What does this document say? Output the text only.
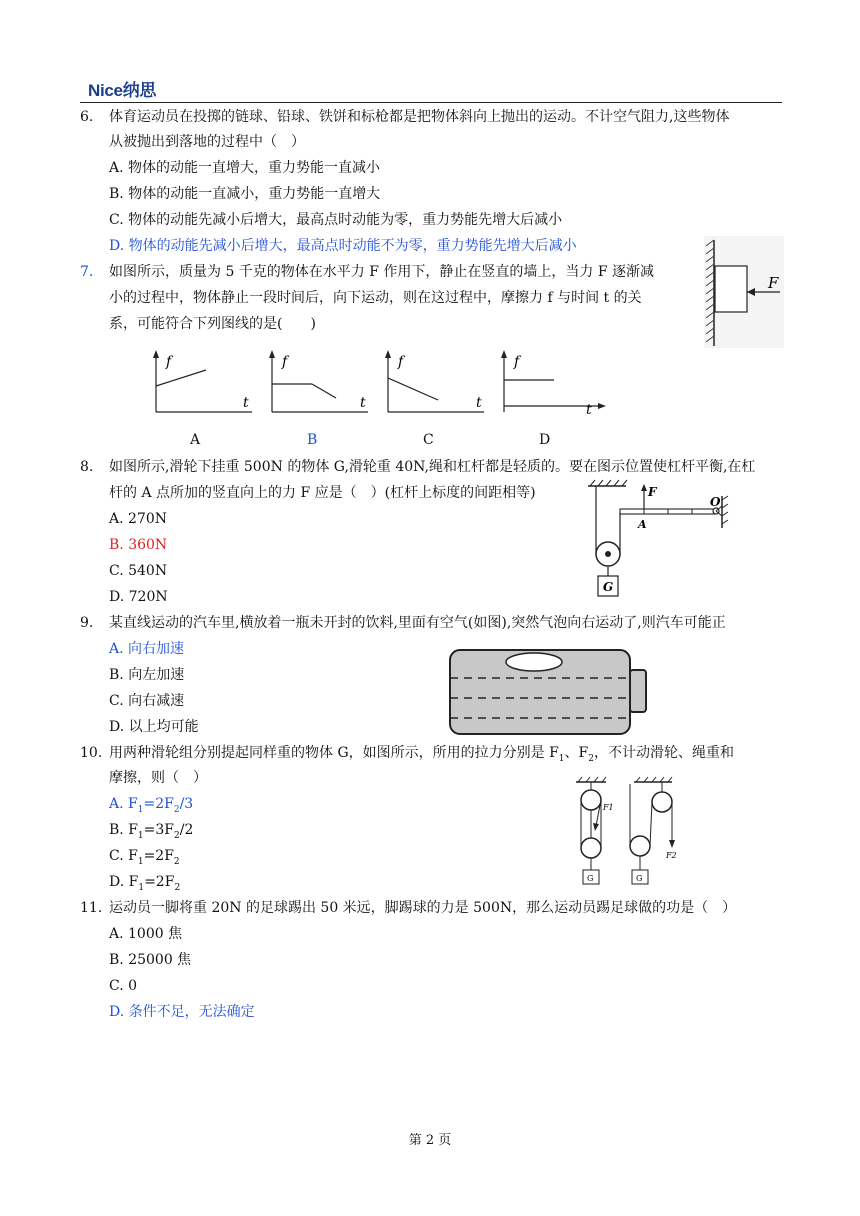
Nice纳思
6. 体育运动员在投掷的链球、铅球、铁饼和标枪都是把物体斜向上抛出的运动。不计空气阻力,这些物体
从被抛出到落地的过程中（　）
A. 物体的动能一直增大，重力势能一直减小
B. 物体的动能一直减小，重力势能一直增大
C. 物体的动能先减小后增大，最高点时动能为零，重力势能先增大后减小
D. 物体的动能先减小后增大，最高点时动能不为零，重力势能先增大后减小
7. 如图所示，质量为 5 千克的物体在水平力 F 作用下，静止在竖直的墙上，当力 F 逐渐减
小的过程中，物体静止一段时间后，向下运动，则在这过程中，摩擦力 f 与时间 t 的关
系，可能符合下列图线的是(　　)
F
f
t
f
t
f
t
f
t
A	B	C	D
8. 如图所示,滑轮下挂重 500N 的物体 G,滑轮重 40N,绳和杠杆都是轻质的。要在图示位置使杠杆平衡,在杠
杆的 A 点所加的竖直向上的力 F 应是（　）(杠杆上标度的间距相等)
A. 270N
B. 360N
C. 540N
D. 720N
G
F
A
O
9. 某直线运动的汽车里,横放着一瓶未开封的饮料,里面有空气(如图),突然气泡向右运动了,则汽车可能正
A. 向右加速
B. 向左加速
C. 向右减速
D. 以上均可能
10. 用两种滑轮组分别提起同样重的物体 G，如图所示，所用的拉力分别是 $F_1$、$F_2$，不计动滑轮、绳重和
摩擦，则（　）
A. $F_1=2F_2/3$
B. $F_1=3F_2/2$
C. $F_1=2F_2$
D. $F_1=2F_2$
F1
G
F2
G
11. 运动员一脚将重 20N 的足球踢出 50 米远，脚踢球的力是 500N，那么运动员踢足球做的功是（　）
A. 1000 焦
B. 25000 焦
C. 0
D. 条件不足，无法确定
第 2 页
